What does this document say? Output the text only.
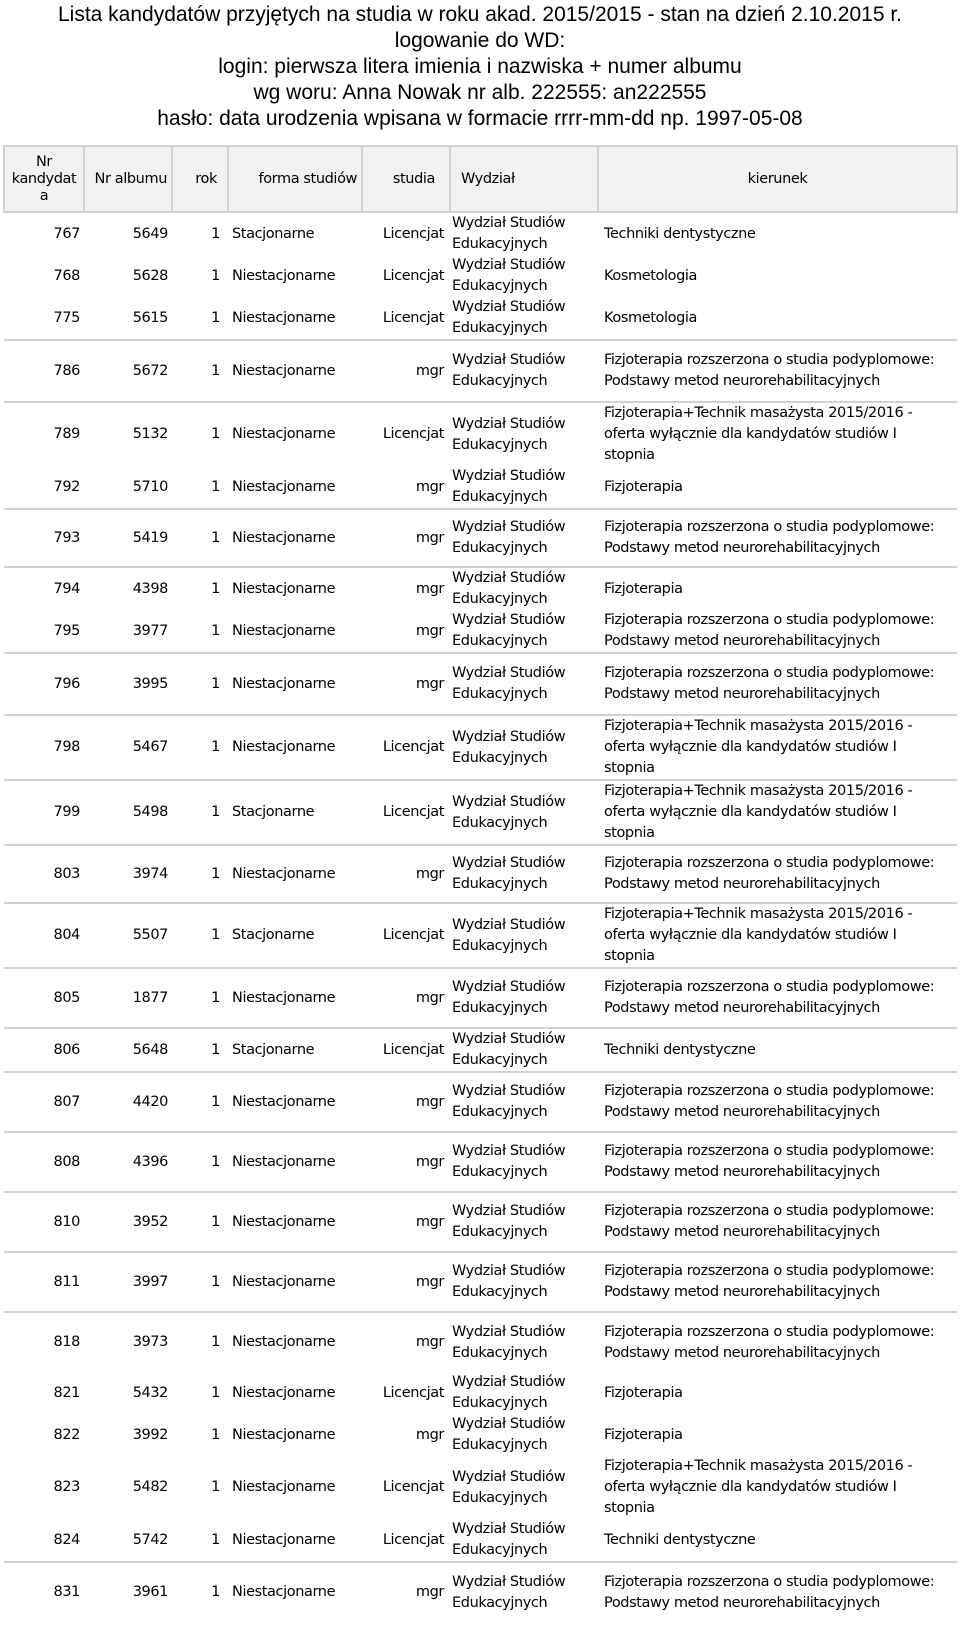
Lista kandydatów przyjętych na studia w roku akad. 2015/2015 - stan na dzień 2.10.2015 r.
logowanie do WD:
login: pierwsza litera imienia i nazwiska + numer albumu
wg woru: Anna Nowak nr alb. 222555: an222555
hasło: data urodzenia wpisana w formacie rrrr-mm-dd np. 1997-05-08
Nr kandydat a	Nr albumu	rok	forma studiów	studia	Wydział	kierunek
767	5649	1	Stacjonarne	Licencjat	Wydział Studiów
Edukacyjnych	Techniki dentystyczne

768	5628	1	Niestacjonarne	Licencjat	Wydział Studiów
Edukacyjnych	Kosmetologia

775	5615	1	Niestacjonarne	Licencjat	Wydział Studiów
Edukacyjnych	Kosmetologia

786	5672	1	Niestacjonarne	mgr	Wydział Studiów
Edukacyjnych	Fizjoterapia rozszerzona o studia podyplomowe:
Podstawy metod neurorehabilitacyjnych

789	5132	1	Niestacjonarne	Licencjat	Wydział Studiów
Edukacyjnych	Fizjoterapia+Technik masażysta 2015/2016 -
oferta wyłącznie dla kandydatów studiów I
stopnia

792	5710	1	Niestacjonarne	mgr	Wydział Studiów
Edukacyjnych	Fizjoterapia

793	5419	1	Niestacjonarne	mgr	Wydział Studiów
Edukacyjnych	Fizjoterapia rozszerzona o studia podyplomowe:
Podstawy metod neurorehabilitacyjnych

794	4398	1	Niestacjonarne	mgr	Wydział Studiów
Edukacyjnych	Fizjoterapia

795	3977	1	Niestacjonarne	mgr	Wydział Studiów
Edukacyjnych	Fizjoterapia rozszerzona o studia podyplomowe:
Podstawy metod neurorehabilitacyjnych

796	3995	1	Niestacjonarne	mgr	Wydział Studiów
Edukacyjnych	Fizjoterapia rozszerzona o studia podyplomowe:
Podstawy metod neurorehabilitacyjnych

798	5467	1	Niestacjonarne	Licencjat	Wydział Studiów
Edukacyjnych	Fizjoterapia+Technik masażysta 2015/2016 -
oferta wyłącznie dla kandydatów studiów I
stopnia

799	5498	1	Stacjonarne	Licencjat	Wydział Studiów
Edukacyjnych	Fizjoterapia+Technik masażysta 2015/2016 -
oferta wyłącznie dla kandydatów studiów I
stopnia

803	3974	1	Niestacjonarne	mgr	Wydział Studiów
Edukacyjnych	Fizjoterapia rozszerzona o studia podyplomowe:
Podstawy metod neurorehabilitacyjnych

804	5507	1	Stacjonarne	Licencjat	Wydział Studiów
Edukacyjnych	Fizjoterapia+Technik masażysta 2015/2016 -
oferta wyłącznie dla kandydatów studiów I
stopnia

805	1877	1	Niestacjonarne	mgr	Wydział Studiów
Edukacyjnych	Fizjoterapia rozszerzona o studia podyplomowe:
Podstawy metod neurorehabilitacyjnych

806	5648	1	Stacjonarne	Licencjat	Wydział Studiów
Edukacyjnych	Techniki dentystyczne

807	4420	1	Niestacjonarne	mgr	Wydział Studiów
Edukacyjnych	Fizjoterapia rozszerzona o studia podyplomowe:
Podstawy metod neurorehabilitacyjnych

808	4396	1	Niestacjonarne	mgr	Wydział Studiów
Edukacyjnych	Fizjoterapia rozszerzona o studia podyplomowe:
Podstawy metod neurorehabilitacyjnych

810	3952	1	Niestacjonarne	mgr	Wydział Studiów
Edukacyjnych	Fizjoterapia rozszerzona o studia podyplomowe:
Podstawy metod neurorehabilitacyjnych

811	3997	1	Niestacjonarne	mgr	Wydział Studiów
Edukacyjnych	Fizjoterapia rozszerzona o studia podyplomowe:
Podstawy metod neurorehabilitacyjnych

818	3973	1	Niestacjonarne	mgr	Wydział Studiów
Edukacyjnych	Fizjoterapia rozszerzona o studia podyplomowe:
Podstawy metod neurorehabilitacyjnych

821	5432	1	Niestacjonarne	Licencjat	Wydział Studiów
Edukacyjnych	Fizjoterapia

822	3992	1	Niestacjonarne	mgr	Wydział Studiów
Edukacyjnych	Fizjoterapia

823	5482	1	Niestacjonarne	Licencjat	Wydział Studiów
Edukacyjnych	Fizjoterapia+Technik masażysta 2015/2016 -
oferta wyłącznie dla kandydatów studiów I
stopnia

824	5742	1	Niestacjonarne	Licencjat	Wydział Studiów
Edukacyjnych	Techniki dentystyczne

831	3961	1	Niestacjonarne	mgr	Wydział Studiów
Edukacyjnych	Fizjoterapia rozszerzona o studia podyplomowe:
Podstawy metod neurorehabilitacyjnych
